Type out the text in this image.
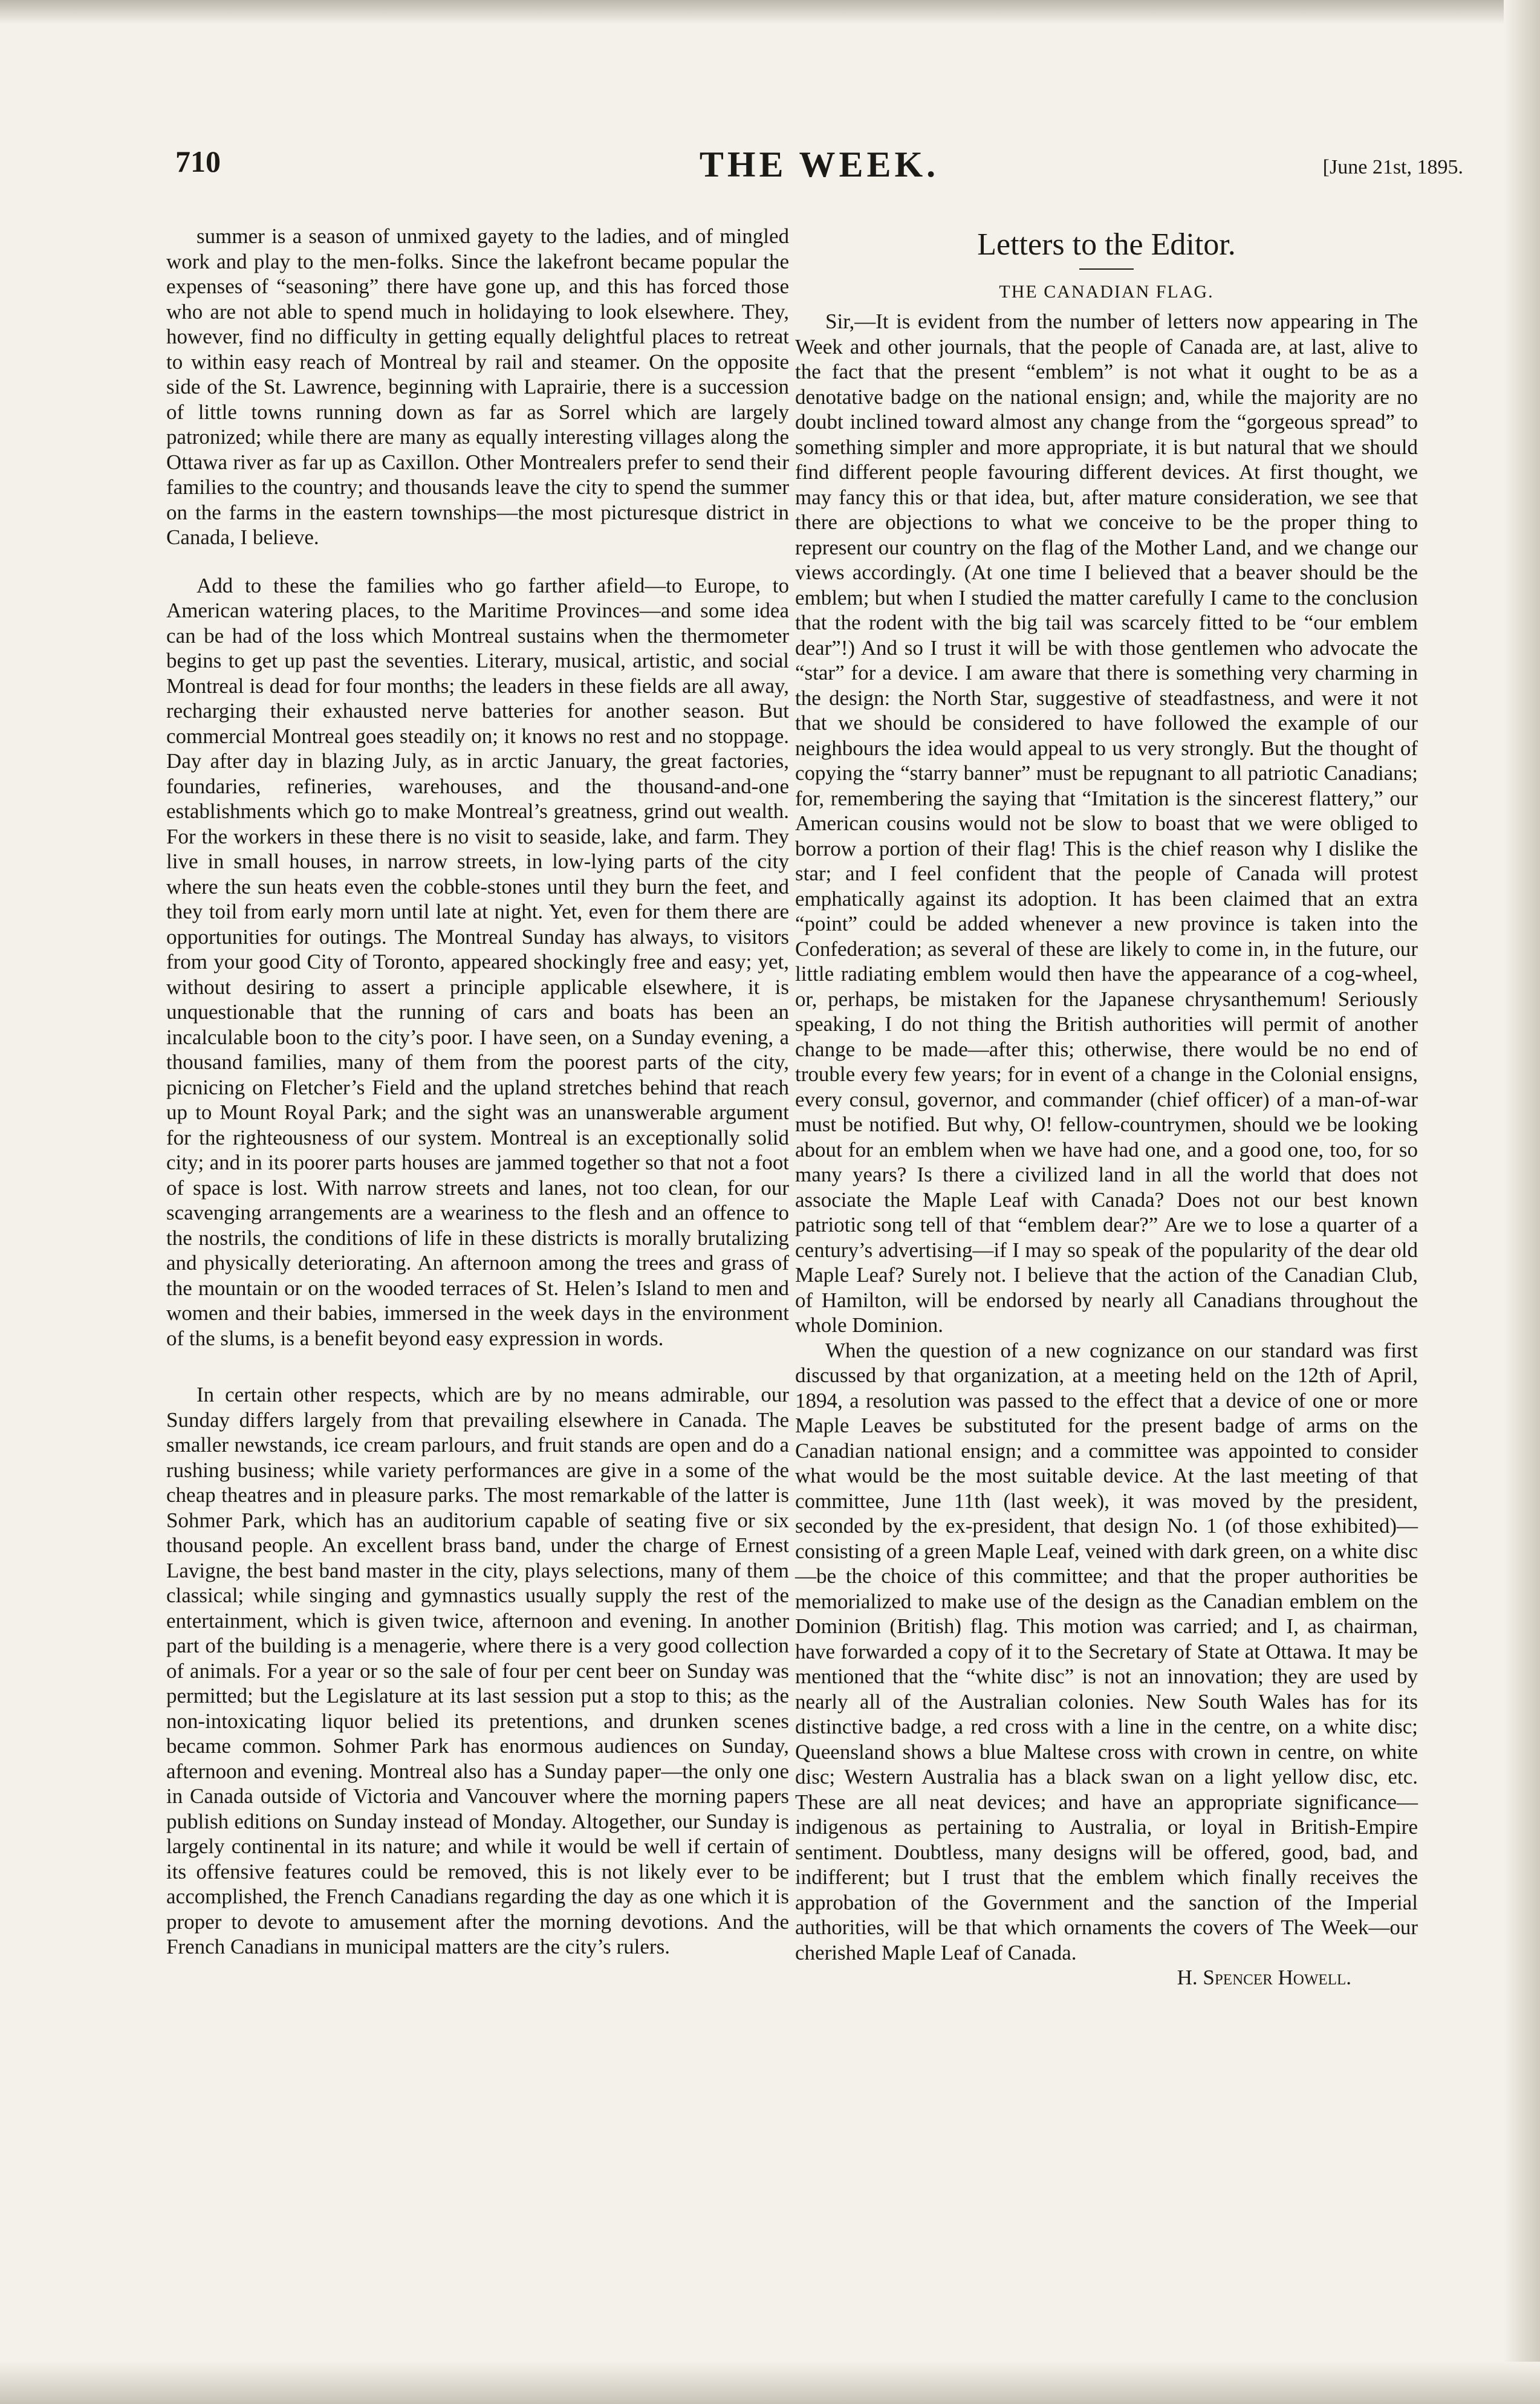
THE WEEK.
710	[June 21st, 1895.

summer is a season of unmixed gayety to the ladies, and of mingled work and play to the men-folks. Since the lakefront became popular the expenses of “seasoning” there have gone up, and this has forced those who are not able to spend much in holidaying to look elsewhere. They, however, find no difficulty in getting equally delightful places to retreat to within easy reach of Montreal by rail and steamer. On the opposite side of the St. Lawrence, beginning with Laprairie, there is a succession of little towns running down as far as Sorrel which are largely patronized; while there are many as equally interesting villages along the Ottawa river as far up as Caxillon. Other Montrealers prefer to send their families to the country; and thousands leave the city to spend the summer on the farms in the eastern townships—the most picturesque district in Canada, I believe.

Add to these the families who go farther afield—to Europe, to American watering places, to the Maritime Provinces—and some idea can be had of the loss which Montreal sustains when the thermometer begins to get up past the seventies. Literary, musical, artistic, and social Montreal is dead for four months; the leaders in these fields are all away, recharging their exhausted nerve batteries for another season. But commercial Montreal goes steadily on; it knows no rest and no stoppage. Day after day in blazing July, as in arctic January, the great factories, foundaries, refineries, warehouses, and the thousand-and-one establishments which go to make Montreal’s greatness, grind out wealth. For the workers in these there is no visit to seaside, lake, and farm. They live in small houses, in narrow streets, in low-lying parts of the city where the sun heats even the cobble-stones until they burn the feet, and they toil from early morn until late at night. Yet, even for them there are opportunities for outings. The Montreal Sunday has always, to visitors from your good City of Toronto, appeared shockingly free and easy; yet, without desiring to assert a principle applicable elsewhere, it is unquestionable that the running of cars and boats has been an incalculable boon to the city’s poor. I have seen, on a Sunday evening, a thousand families, many of them from the poorest parts of the city, picnicing on Fletcher’s Field and the upland stretches behind that reach up to Mount Royal Park; and the sight was an unanswerable argument for the righteousness of our system. Montreal is an exceptionally solid city; and in its poorer parts houses are jammed together so that not a foot of space is lost. With narrow streets and lanes, not too clean, for our scavenging arrangements are a weariness to the flesh and an offence to the nostrils, the conditions of life in these districts is morally brutalizing and physically deteriorating. An afternoon among the trees and grass of the mountain or on the wooded terraces of St. Helen’s Island to men and women and their babies, immersed in the week days in the environment of the slums, is a benefit beyond easy expression in words.

In certain other respects, which are by no means admirable, our Sunday differs largely from that prevailing elsewhere in Canada. The smaller newstands, ice cream parlours, and fruit stands are open and do a rushing business; while variety performances are give in a some of the cheap theatres and in pleasure parks. The most remarkable of the latter is Sohmer Park, which has an auditorium capable of seating five or six thousand people. An excellent brass band, under the charge of Ernest Lavigne, the best band master in the city, plays selections, many of them classical; while singing and gymnastics usually supply the rest of the entertainment, which is given twice, afternoon and evening. In another part of the building is a menagerie, where there is a very good collection of animals. For a year or so the sale of four per cent beer on Sunday was permitted; but the Legislature at its last session put a stop to this; as the non-intoxicating liquor belied its pretentions, and drunken scenes became common. Sohmer Park has enormous audiences on Sunday, afternoon and evening. Montreal also has a Sunday paper—the only one in Canada outside of Victoria and Vancouver where the morning papers publish editions on Sunday instead of Monday. Altogether, our Sunday is largely continental in its nature; and while it would be well if certain of its offensive features could be removed, this is not likely ever to be accomplished, the French Canadians regarding the day as one which it is proper to devote to amusement after the morning devotions. And the French Canadians in municipal matters are the city’s rulers.

Letters to the Editor.
THE CANADIAN FLAG.

Sir,—It is evident from the number of letters now appearing in The Week and other journals, that the people of Canada are, at last, alive to the fact that the present “emblem” is not what it ought to be as a denotative badge on the national ensign; and, while the majority are no doubt inclined toward almost any change from the “gorgeous spread” to something simpler and more appropriate, it is but natural that we should find different people favouring different devices. At first thought, we may fancy this or that idea, but, after mature consideration, we see that there are objections to what we conceive to be the proper thing to represent our country on the flag of the Mother Land, and we change our views accordingly. (At one time I believed that a beaver should be the emblem; but when I studied the matter carefully I came to the conclusion that the rodent with the big tail was scarcely fitted to be “our emblem dear”!) And so I trust it will be with those gentlemen who advocate the “star” for a device. I am aware that there is something very charming in the design: the North Star, suggestive of steadfastness, and were it not that we should be considered to have followed the example of our neighbours the idea would appeal to us very strongly. But the thought of copying the “starry banner” must be repugnant to all patriotic Canadians; for, remembering the saying that “Imitation is the sincerest flattery,” our American cousins would not be slow to boast that we were obliged to borrow a portion of their flag! This is the chief reason why I dislike the star; and I feel confident that the people of Canada will protest emphatically against its adoption. It has been claimed that an extra “point” could be added whenever a new province is taken into the Confederation; as several of these are likely to come in, in the future, our little radiating emblem would then have the appearance of a cog-wheel, or, perhaps, be mistaken for the Japanese chrysanthemum! Seriously speaking, I do not thing the British authorities will permit of another change to be made—after this; otherwise, there would be no end of trouble every few years; for in event of a change in the Colonial ensigns, every consul, governor, and commander (chief officer) of a man-of-war must be notified. But why, O! fellow-countrymen, should we be looking about for an emblem when we have had one, and a good one, too, for so many years? Is there a civilized land in all the world that does not associate the Maple Leaf with Canada? Does not our best known patriotic song tell of that “emblem dear?” Are we to lose a quarter of a century’s advertising—if I may so speak of the popularity of the dear old Maple Leaf? Surely not. I believe that the action of the Canadian Club, of Hamilton, will be endorsed by nearly all Canadians throughout the whole Dominion.

When the question of a new cognizance on our standard was first discussed by that organization, at a meeting held on the 12th of April, 1894, a resolution was passed to the effect that a device of one or more Maple Leaves be substituted for the present badge of arms on the Canadian national ensign; and a committee was appointed to consider what would be the most suitable device. At the last meeting of that committee, June 11th (last week), it was moved by the president, seconded by the ex-president, that design No. 1 (of those exhibited)—consisting of a green Maple Leaf, veined with dark green, on a white disc—be the choice of this committee; and that the proper authorities be memorialized to make use of the design as the Canadian emblem on the Dominion (British) flag. This motion was carried; and I, as chairman, have forwarded a copy of it to the Secretary of State at Ottawa. It may be mentioned that the “white disc” is not an innovation; they are used by nearly all of the Australian colonies. New South Wales has for its distinctive badge, a red cross with a line in the centre, on a white disc; Queensland shows a blue Maltese cross with crown in centre, on white disc; Western Australia has a black swan on a light yellow disc, etc. These are all neat devices; and have an appropriate significance—indigenous as pertaining to Australia, or loyal in British-Empire sentiment. Doubtless, many designs will be offered, good, bad, and indifferent; but I trust that the emblem which finally receives the approbation of the Government and the sanction of the Imperial authorities, will be that which ornaments the covers of The Week—our cherished Maple Leaf of Canada.

H. Spencer Howell.
